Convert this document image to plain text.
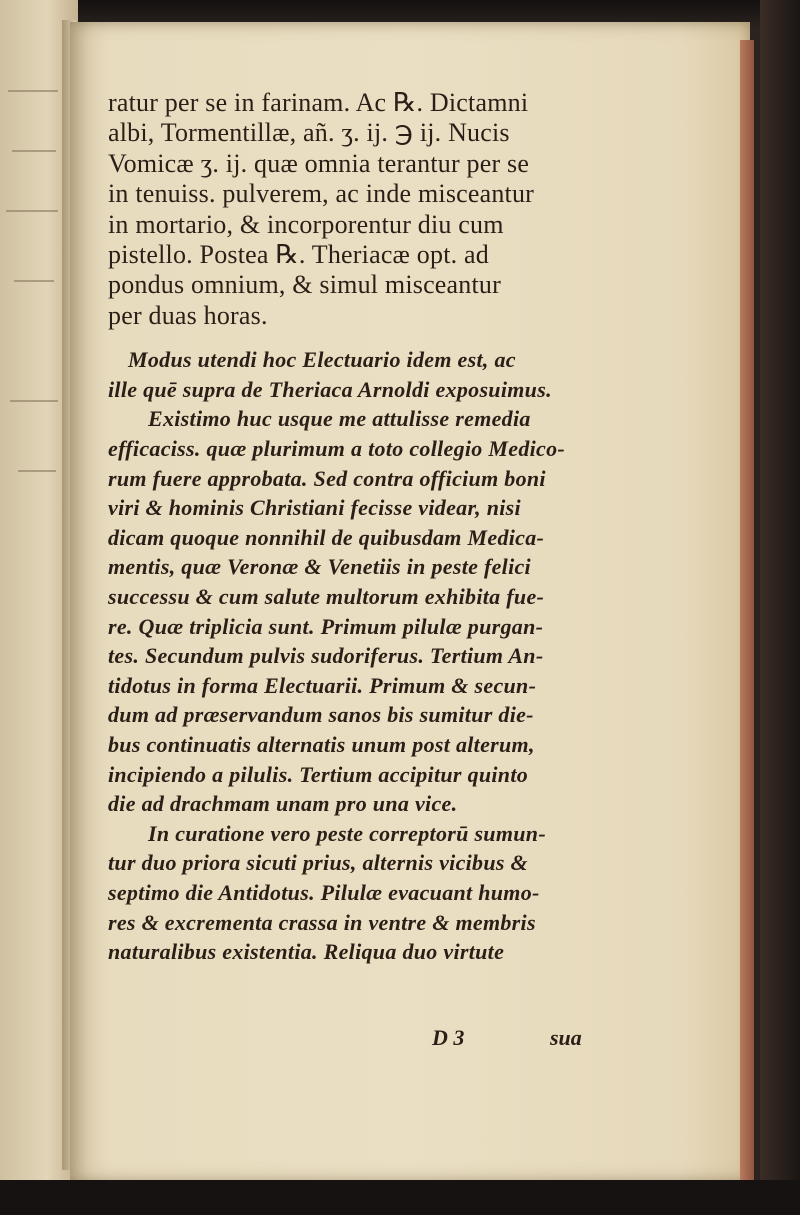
ratur per se in farinam. Ac ℞. Dictamni
albi, Tormentillæ, añ. ʒ. ij. ℈ ij. Nucis
Vomicæ ʒ. ij. quæ omnia terantur per se
in tenuiss. pulverem, ac inde misceantur
in mortario, & incorporentur diu cum
pistello. Postea ℞. Theriacæ opt. ad
pondus omnium, & simul misceantur
per duas horas.
Modus utendi hoc Electuario idem est, ac
ille quē supra de Theriaca Arnoldi exposuimus.
Existimo huc usque me attulisse remedia
efficaciss. quæ plurimum a toto collegio Medico-
rum fuere approbata. Sed contra officium boni
viri & hominis Christiani fecisse videar, nisi
dicam quoque nonnihil de quibusdam Medica-
mentis, quæ Veronæ & Venetiis in peste felici
successu & cum salute multorum exhibita fue-
re. Quæ triplicia sunt. Primum pilulæ purgan-
tes. Secundum pulvis sudoriferus. Tertium An-
tidotus in forma Electuarii. Primum & secun-
dum ad præservandum sanos bis sumitur die-
bus continuatis alternatis unum post alterum,
incipiendo a pilulis. Tertium accipitur quinto
die ad drachmam unam pro una vice.
In curatione vero peste correptorū sumun-
tur duo priora sicuti prius, alternis vicibus &
septimo die Antidotus. Pilulæ evacuant humo-
res & excrementa crassa in ventre & membris
naturalibus existentia. Reliqua duo virtute
D 3	sua
